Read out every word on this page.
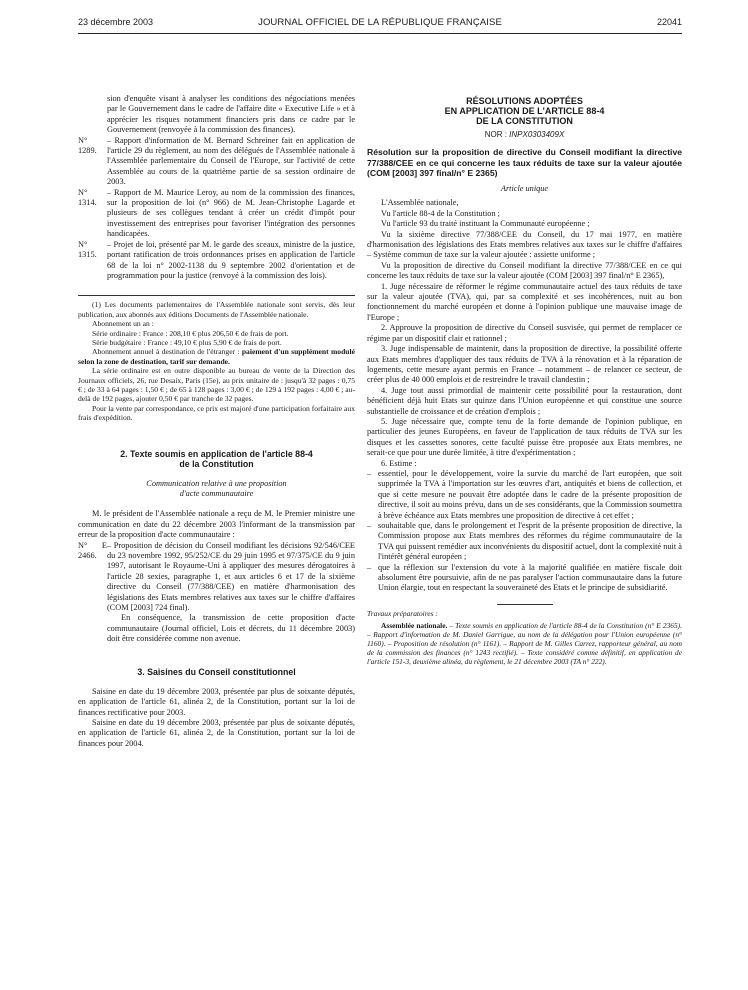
23 décembre 2003	JOURNAL OFFICIEL DE LA RÉPUBLIQUE FRANÇAISE	22041

sion d'enquête visant à analyser les conditions des négociations menées par le Gouvernement dans le cadre de l'affaire dite « Executive Life » et à apprécier les risques notamment financiers pris dans ce cadre par le Gouvernement (renvoyée à la commission des finances).

N° 1289.
– Rapport d'information de M. Bernard Schreiner fait en application de l'article 29 du règlement, au nom des délégués de l'Assemblée nationale à l'Assemblée parlementaire du Conseil de l'Europe, sur l'activité de cette Assemblée au cours de la quatrième partie de sa session ordinaire de 2003.
N° 1314.
– Rapport de M. Maurice Leroy, au nom de la commission des finances, sur la proposition de loi (n° 966) de M. Jean-Christophe Lagarde et plusieurs de ses collègues tendant à créer un crédit d'impôt pour investissement des entreprises pour favoriser l'intégration des personnes handicapées.
N° 1315.
– Projet de loi, présenté par M. le garde des sceaux, ministre de la justice, portant ratification de trois ordonnances prises en application de l'article 68 de la loi n° 2002-1138 du 9 septembre 2002 d'orientation et de programmation pour la justice (renvoyé à la commission des lois).

(1) Les documents parlementaires de l'Assemblée nationale sont servis, dès leur publication, aux abonnés aux éditions Documents de l'Assemblée nationale.

Abonnement un an :

Série ordinaire : France : 208,10 € plus 206,50 € de frais de port.

Série budgétaire : France : 49,10 € plus 5,90 € de frais de port.

Abonnement annuel à destination de l'étranger : paiement d'un supplément modulé selon la zone de destination, tarif sur demande.

La série ordinaire est en outre disponible au bureau de vente de la Direction des Journaux officiels, 26, rue Desaix, Paris (15e), au prix unitaire de : jusqu'à 32 pages : 0,75 € ; de 33 à 64 pages : 1,50 € ; de 65 à 128 pages : 3,00 € ; de 129 à 192 pages : 4,00 € ; au-delà de 192 pages, ajouter 0,50 € par tranche de 32 pages.

Pour la vente par correspondance, ce prix est majoré d'une participation forfaitaire aux frais d'expédition.

2. Texte soumis en application de l'article 88-4

de la Constitution

Communication relative à une proposition

d'acte communautaire

M. le président de l'Assemblée nationale a reçu de M. le Premier ministre une communication en date du 22 décembre 2003 l'informant de la transmission par erreur de la proposition d'acte communautaire :

N° E 2466.
– Proposition de décision du Conseil modifiant les décisions 92/546/CEE du 23 novembre 1992, 95/252/CE du 29 juin 1995 et 97/375/CE du 9 juin 1997, autorisant le Royaume-Uni à appliquer des mesures dérogatoires à l'article 28 sexies, paragraphe 1, et aux articles 6 et 17 de la sixième directive du Conseil (77/388/CEE) en matière d'harmonisation des législations des Etats membres relatives aux taxes sur le chiffre d'affaires (COM [2003] 724 final).

En conséquence, la transmission de cette proposition d'acte communautaire (Journal officiel, Lois et décrets, du 11 décembre 2003) doit être considérée comme non avenue.

3. Saisines du Conseil constitutionnel

Saisine en date du 19 décembre 2003, présentée par plus de soixante députés, en application de l'article 61, alinéa 2, de la Constitution, portant sur la loi de finances rectificative pour 2003.

Saisine en date du 19 décembre 2003, présentée par plus de soixante députés, en application de l'article 61, alinéa 2, de la Constitution, portant sur la loi de finances pour 2004.

RÉSOLUTIONS ADOPTÉES

EN APPLICATION DE L'ARTICLE 88-4

DE LA CONSTITUTION

NOR : INPX0303409X

Résolution sur la proposition de directive du Conseil modifiant la directive 77/388/CEE en ce qui concerne les taux réduits de taxe sur la valeur ajoutée (COM [2003] 397 final/n° E 2365)

Article unique

L'Assemblée nationale,

Vu l'article 88-4 de la Constitution ;

Vu l'article 93 du traité instituant la Communauté européenne ;

Vu la sixième directive 77/388/CEE du Conseil, du 17 mai 1977, en matière d'harmonisation des législations des Etats membres relatives aux taxes sur le chiffre d'affaires – Système commun de taxe sur la valeur ajoutée : assiette uniforme ;

Vu la proposition de directive du Conseil modifiant la directive 77/388/CEE en ce qui concerne les taux réduits de taxe sur la valeur ajoutée (COM [2003] 397 final/n° E 2365),

1. Juge nécessaire de réformer le régime communautaire actuel des taux réduits de taxe sur la valeur ajoutée (TVA), qui, par sa complexité et ses incohérences, nuit au bon fonctionnement du marché européen et donne à l'opinion publique une mauvaise image de l'Europe ;

2. Approuve la proposition de directive du Conseil susvisée, qui permet de remplacer ce régime par un dispositif clair et rationnel ;

3. Juge indispensable de maintenir, dans la proposition de directive, la possibilité offerte aux Etats membres d'appliquer des taux réduits de TVA à la rénovation et à la réparation de logements, cette mesure ayant permis en France – notamment – de relancer ce secteur, de créer plus de 40 000 emplois et de restreindre le travail clandestin ;

4. Juge tout aussi primordial de maintenir cette possibilité pour la restauration, dont bénéficient déjà huit Etats sur quinze dans l'Union européenne et qui constitue une source substantielle de croissance et de création d'emplois ;

5. Juge nécessaire que, compte tenu de la forte demande de l'opinion publique, en particulier des jeunes Européens, en faveur de l'application de taux réduits de TVA sur les disques et les cassettes sonores, cette faculté puisse être proposée aux Etats membres, ne serait-ce que pour une durée limitée, à titre d'expérimentation ;

6. Estime :

– essentiel, pour le développement, voire la survie du marché de l'art européen, que soit supprimée la TVA à l'importation sur les œuvres d'art, antiquités et biens de collection, et que si cette mesure ne pouvait être adoptée dans le cadre de la présente proposition de directive, il soit au moins prévu, dans un de ses considérants, que la Commission soumettra à brève échéance aux Etats membres une proposition de directive à cet effet ;
– souhaitable que, dans le prolongement et l'esprit de la présente proposition de directive, la Commission propose aux Etats membres des réformes du régime communautaire de la TVA qui puissent remédier aux inconvénients du dispositif actuel, dont la complexité nuit à l'intérêt général européen ;
– que la réflexion sur l'extension du vote à la majorité qualifiée en matière fiscale doit absolument être poursuivie, afin de ne pas paralyser l'action communautaire dans la future Union élargie, tout en respectant la souveraineté des Etats et le principe de subsidiarité.

Travaux préparatoires :

Assemblée nationale. – Texte soumis en application de l'article 88-4 de la Constitution (n° E 2365). – Rapport d'information de M. Daniel Garrigue, au nom de la délégation pour l'Union européenne (n° 1160). – Proposition de résolution (n° 1161). – Rapport de M. Gilles Carrez, rapporteur général, au nom de la commission des finances (n° 1243 rectifié). – Texte considéré comme définitif, en application de l'article 151-3, deuxième alinéa, du règlement, le 21 décembre 2003 (TA n° 222).
